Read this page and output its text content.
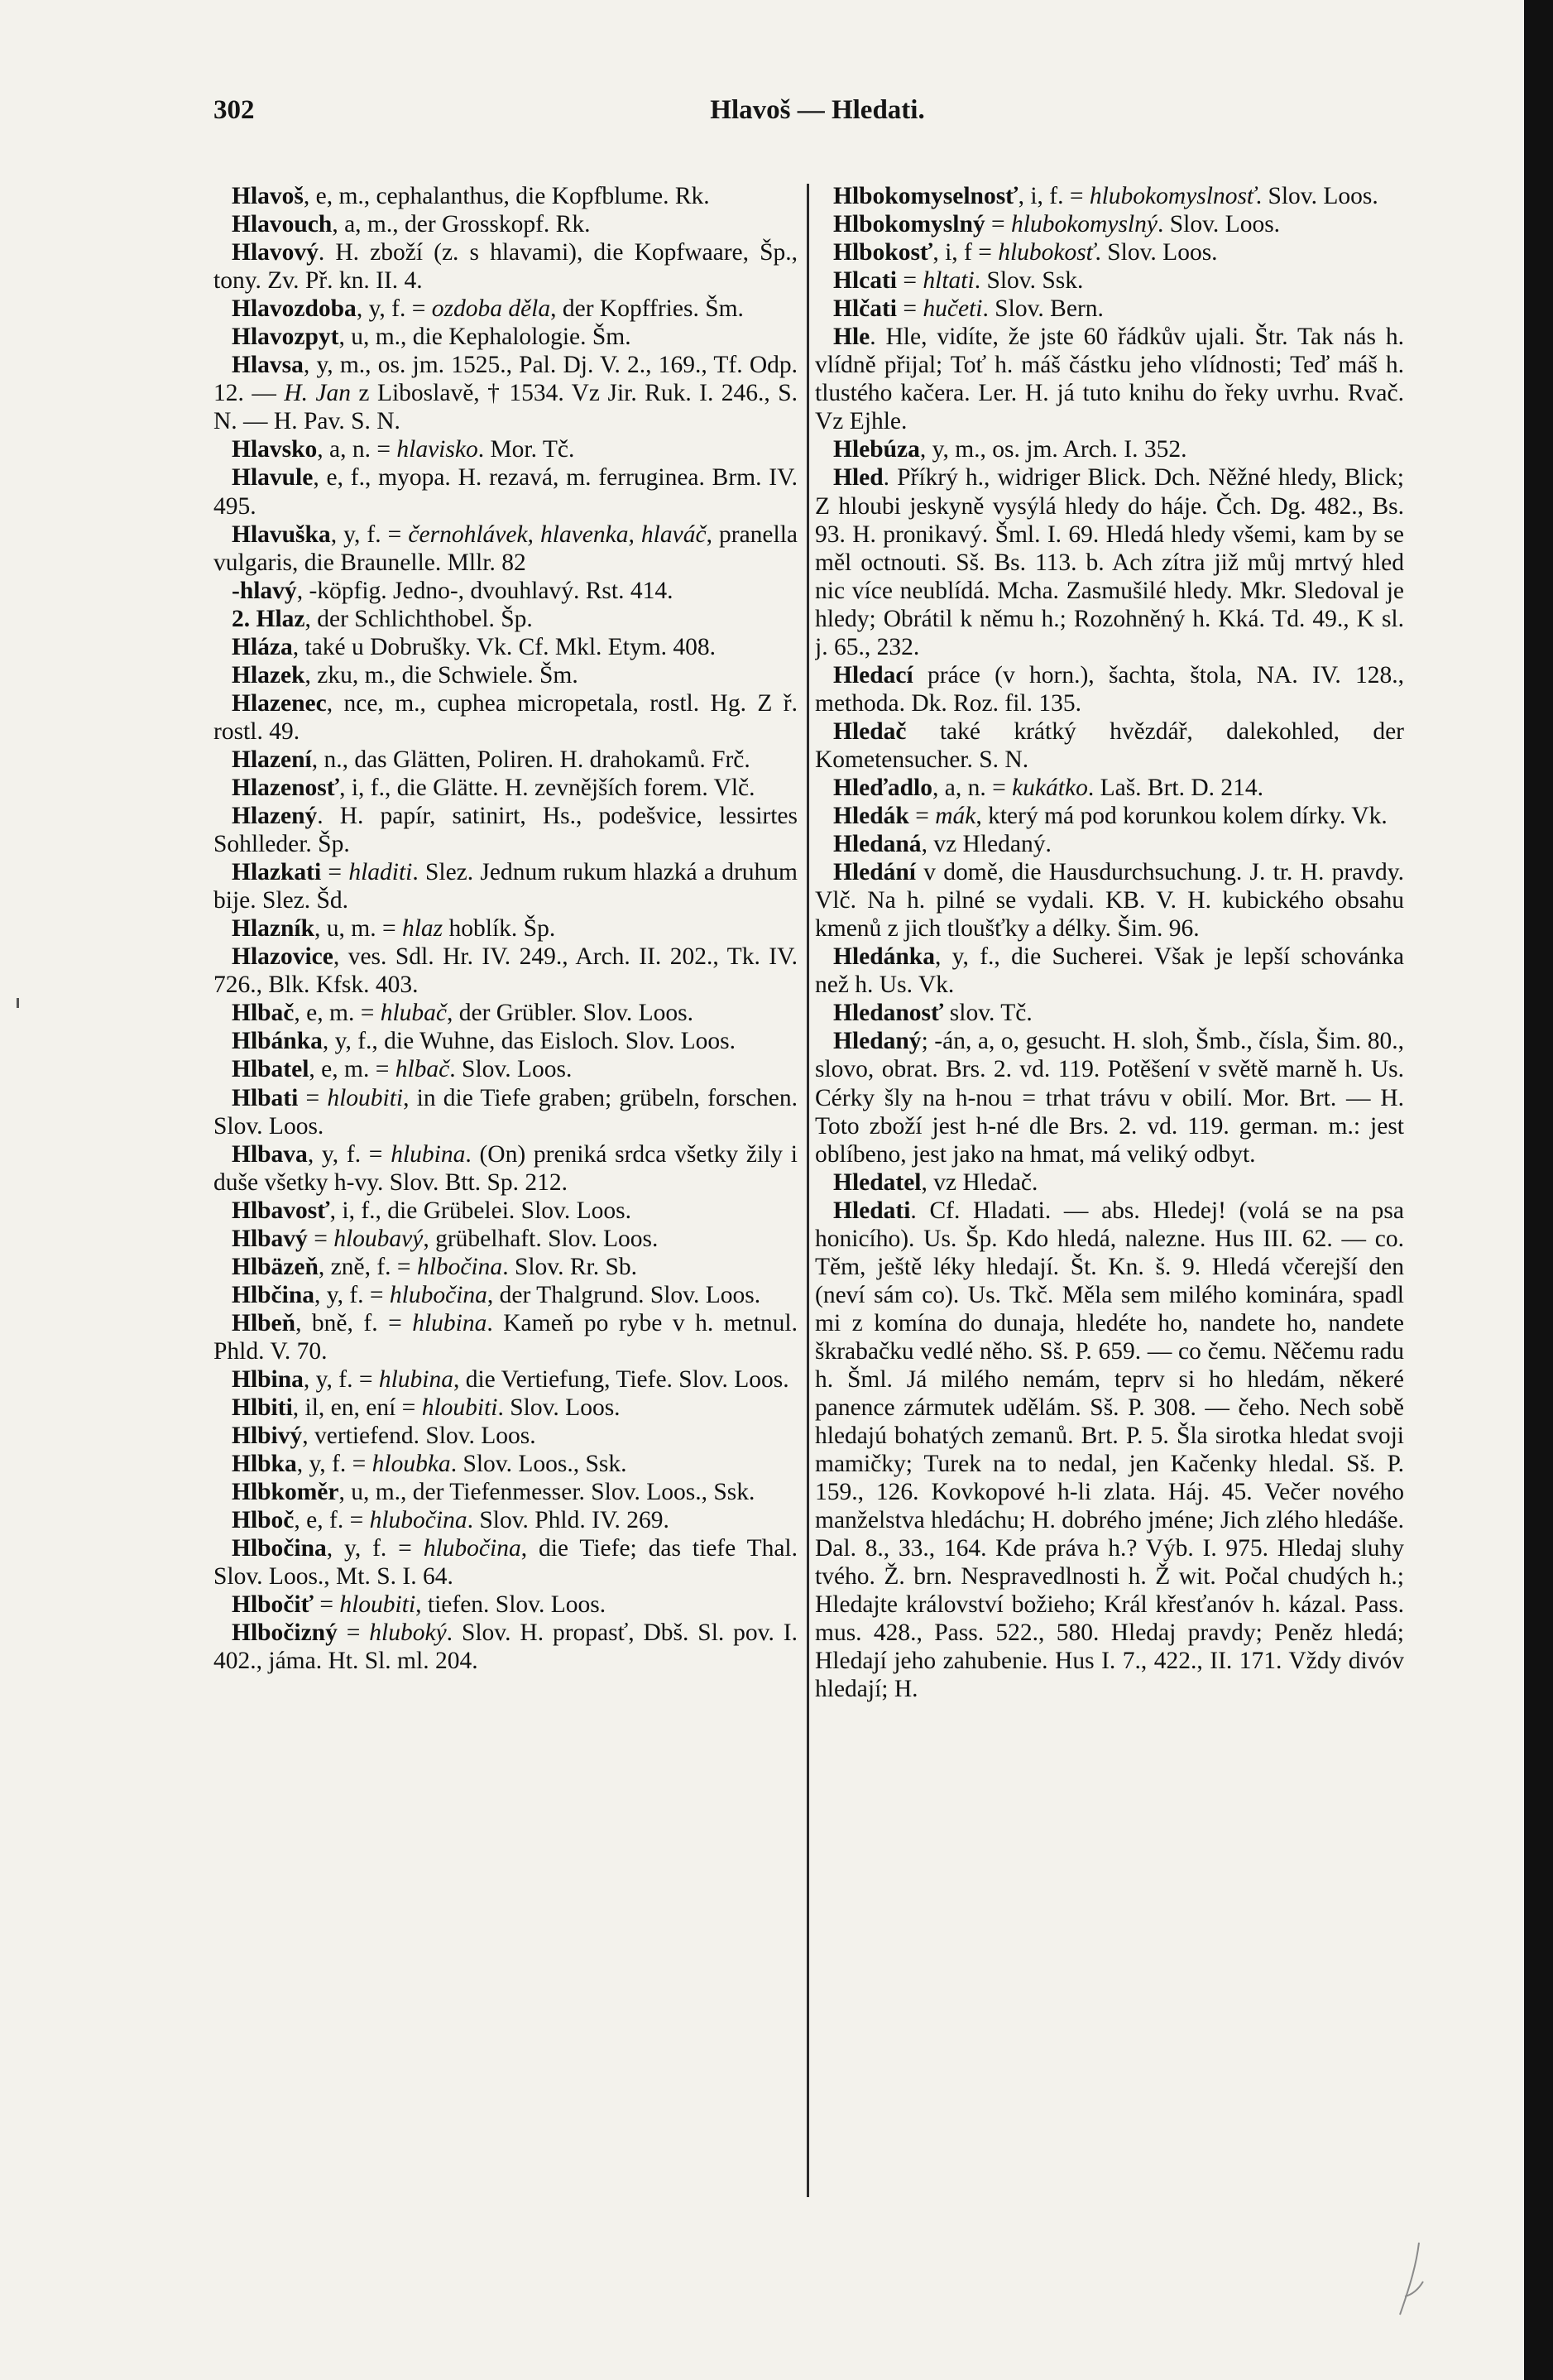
302	Hlavoš — Hledati.

Hlavoš, e, m., cephalanthus, die Kopfblume. Rk.

Hlavouch, a, m., der Grosskopf. Rk.

Hlavový. H. zboží (z. s hlavami), die Kopfwaare, Šp., tony. Zv. Př. kn. II. 4.

Hlavozdoba, y, f. = ozdoba děla, der Kopffries. Šm.

Hlavozpyt, u, m., die Kephalologie. Šm.

Hlavsa, y, m., os. jm. 1525., Pal. Dj. V. 2., 169., Tf. Odp. 12. — H. Jan z Liboslavě, † 1534. Vz Jir. Ruk. I. 246., S. N. — H. Pav. S. N.

Hlavsko, a, n. = hlavisko. Mor. Tč.

Hlavule, e, f., myopa. H. rezavá, m. ferruginea. Brm. IV. 495.

Hlavuška, y, f. = černohlávek, hlavenka, hlaváč, pranella vulgaris, die Braunelle. Mllr. 82

-hlavý, -köpfig. Jedno-, dvouhlavý. Rst. 414.

2. Hlaz, der Schlichthobel. Šp.

Hláza, také u Dobrušky. Vk. Cf. Mkl. Etym. 408.

Hlazek, zku, m., die Schwiele. Šm.

Hlazenec, nce, m., cuphea micropetala, rostl. Hg. Z ř. rostl. 49.

Hlazení, n., das Glätten, Poliren. H. drahokamů. Frč.

Hlazenosť, i, f., die Glätte. H. zevnějších forem. Vlč.

Hlazený. H. papír, satinirt, Hs., podešvice, lessirtes Sohlleder. Šp.

Hlazkati = hladiti. Slez. Jednum rukum hlazká a druhum bije. Slez. Šd.

Hlazník, u, m. = hlaz hoblík. Šp.

Hlazovice, ves. Sdl. Hr. IV. 249., Arch. II. 202., Tk. IV. 726., Blk. Kfsk. 403.

Hlbač, e, m. = hlubač, der Grübler. Slov. Loos.

Hlbánka, y, f., die Wuhne, das Eisloch. Slov. Loos.

Hlbatel, e, m. = hlbač. Slov. Loos.

Hlbati = hloubiti, in die Tiefe graben; grübeln, forschen. Slov. Loos.

Hlbava, y, f. = hlubina. (On) preniká srdca všetky žily i duše všetky h-vy. Slov. Btt. Sp. 212.

Hlbavosť, i, f., die Grübelei. Slov. Loos.

Hlbavý = hloubavý, grübelhaft. Slov. Loos.

Hlbäzeň, zně, f. = hlbočina. Slov. Rr. Sb.

Hlbčina, y, f. = hlubočina, der Thalgrund. Slov. Loos.

Hlbeň, bně, f. = hlubina. Kameň po rybe v h. metnul. Phld. V. 70.

Hlbina, y, f. = hlubina, die Vertiefung, Tiefe. Slov. Loos.

Hlbiti, il, en, ení = hloubiti. Slov. Loos.

Hlbivý, vertiefend. Slov. Loos.

Hlbka, y, f. = hloubka. Slov. Loos., Ssk.

Hlbkoměr, u, m., der Tiefenmesser. Slov. Loos., Ssk.

Hlboč, e, f. = hlubočina. Slov. Phld. IV. 269.

Hlbočina, y, f. = hlubočina, die Tiefe; das tiefe Thal. Slov. Loos., Mt. S. I. 64.

Hlbočiť = hloubiti, tiefen. Slov. Loos.

Hlbočizný = hluboký. Slov. H. propasť, Dbš. Sl. pov. I. 402., jáma. Ht. Sl. ml. 204.

Hlbokomyselnosť, i, f. = hlubokomyslnosť. Slov. Loos.

Hlbokomyslný = hlubokomyslný. Slov. Loos.

Hlbokosť, i, f = hlubokosť. Slov. Loos.

Hlcati = hltati. Slov. Ssk.

Hlčati = hučeti. Slov. Bern.

Hle. Hle, vidíte, že jste 60 řádkův ujali. Štr. Tak nás h. vlídně přijal; Toť h. máš částku jeho vlídnosti; Teď máš h. tlustého kačera. Ler. H. já tuto knihu do řeky uvrhu. Rvač. Vz Ejhle.

Hlebúza, y, m., os. jm. Arch. I. 352.

Hled. Příkrý h., widriger Blick. Dch. Něžné hledy, Blick; Z hloubi jeskyně vysýlá hledy do háje. Čch. Dg. 482., Bs. 93. H. pronikavý. Šml. I. 69. Hledá hledy všemi, kam by se měl octnouti. Sš. Bs. 113. b. Ach zítra již můj mrtvý hled nic více neublídá. Mcha. Zasmušilé hledy. Mkr. Sledoval je hledy; Obrátil k němu h.; Rozohněný h. Kká. Td. 49., K sl. j. 65., 232.

Hledací práce (v horn.), šachta, štola, NA. IV. 128., methoda. Dk. Roz. fil. 135.

Hledač také krátký hvězdář, dalekohled, der Kometensucher. S. N.

Hleďadlo, a, n. = kukátko. Laš. Brt. D. 214.

Hledák = mák, který má pod korunkou kolem dírky. Vk.

Hledaná, vz Hledaný.

Hledání v domě, die Hausdurchsuchung. J. tr. H. pravdy. Vlč. Na h. pilné se vydali. KB. V. H. kubického obsahu kmenů z jich tloušťky a délky. Šim. 96.

Hledánka, y, f., die Sucherei. Však je lepší schovánka než h. Us. Vk.

Hledanosť slov. Tč.

Hledaný; -án, a, o, gesucht. H. sloh, Šmb., čísla, Šim. 80., slovo, obrat. Brs. 2. vd. 119. Potěšení v světě marně h. Us. Cérky šly na h-nou = trhat trávu v obilí. Mor. Brt. — H. Toto zboží jest h-né dle Brs. 2. vd. 119. german. m.: jest oblíbeno, jest jako na hmat, má veliký odbyt.

Hledatel, vz Hledač.

Hledati. Cf. Hladati. — abs. Hledej! (volá se na psa honicího). Us. Šp. Kdo hledá, nalezne. Hus III. 62. — co. Těm, ještě léky hledají. Št. Kn. š. 9. Hledá včerejší den (neví sám co). Us. Tkč. Měla sem milého kominára, spadl mi z komína do dunaja, hledéte ho, nandete ho, nandete škrabačku vedlé něho. Sš. P. 659. — co čemu. Něčemu radu h. Šml. Já milého nemám, teprv si ho hledám, někeré panence zármutek udělám. Sš. P. 308. — čeho. Nech sobě hledajú bohatých zemanů. Brt. P. 5. Šla sirotka hledat svoji mamičky; Turek na to nedal, jen Kačenky hledal. Sš. P. 159., 126. Kovkopové h-li zlata. Háj. 45. Večer nového manželstva hledáchu; H. dobrého jméne; Jich zlého hledáše. Dal. 8., 33., 164. Kde práva h.? Výb. I. 975. Hledaj sluhy tvého. Ž. brn. Nespravedlnosti h. Ž wit. Počal chudých h.; Hledajte království božieho; Král křesťanóv h. kázal. Pass. mus. 428., Pass. 522., 580. Hledaj pravdy; Peněz hledá; Hledají jeho zahubenie. Hus I. 7., 422., II. 171. Vždy divóv hledají; H.
